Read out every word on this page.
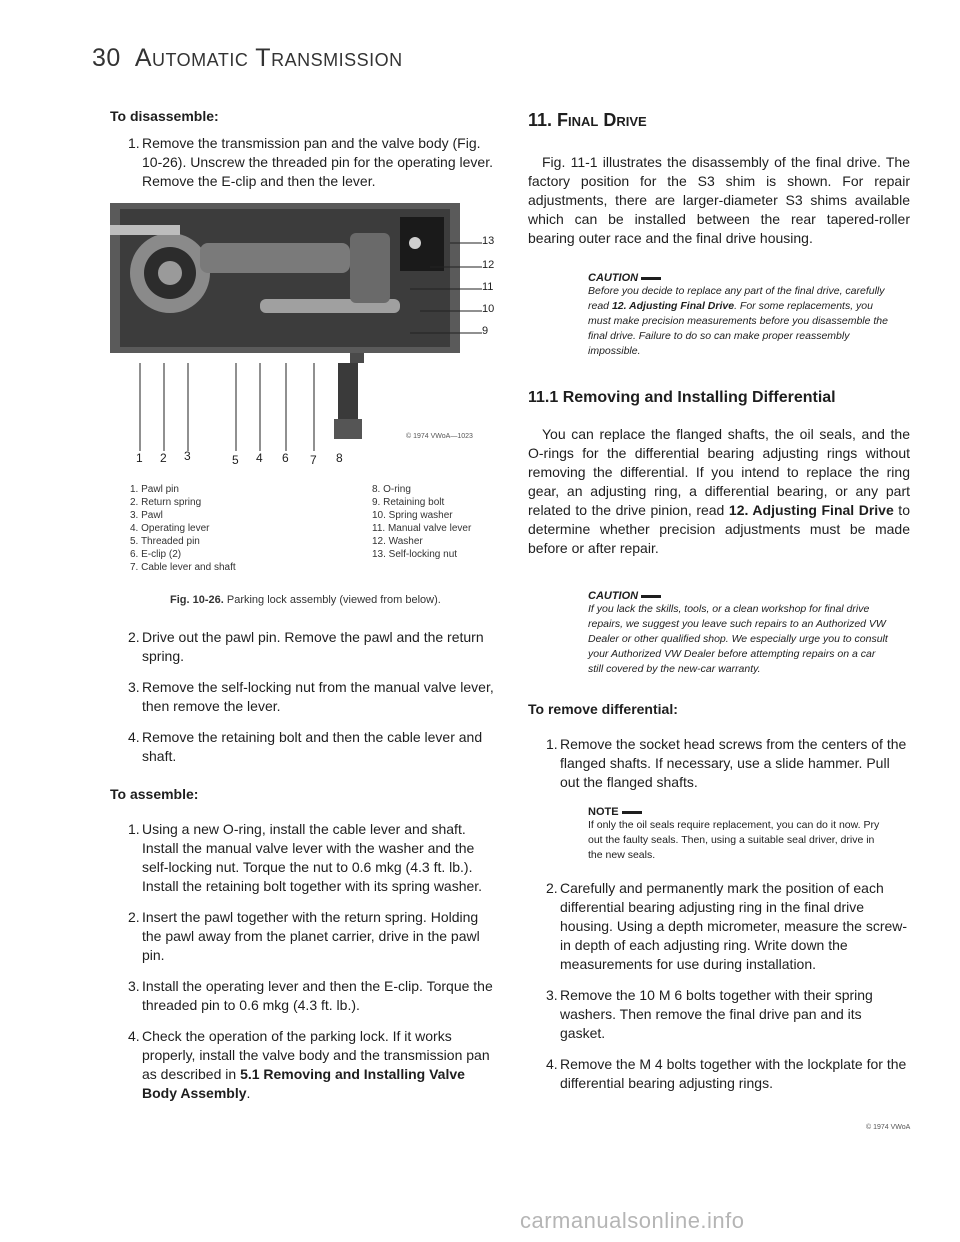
30 Automatic Transmission

To disassemble:

1. Remove the transmission pan and the valve body (Fig. 10-26). Unscrew the threaded pin for the operating lever. Remove the E-clip and then the lever.

13
12
11
10
9
© 1974 VWoA—1023
1 2 3	5 4 6 7 8
1. Pawl pin
2. Return spring
3. Pawl
4. Operating lever
5. Threaded pin
6. E-clip (2)
7. Cable lever and shaft
8. O-ring
9. Retaining bolt
10. Spring washer
11. Manual valve lever
12. Washer
13. Self-locking nut

Fig. 10-26. Parking lock assembly (viewed from below).

2. Drive out the pawl pin. Remove the pawl and the return spring.

3. Remove the self-locking nut from the manual valve lever, then remove the lever.

4. Remove the retaining bolt and then the cable lever and shaft.

To assemble:

1. Using a new O-ring, install the cable lever and shaft. Install the manual valve lever with the washer and the self-locking nut. Torque the nut to 0.6 mkg (4.3 ft. lb.). Install the retaining bolt together with its spring washer.

2. Insert the pawl together with the return spring. Holding the pawl away from the planet carrier, drive in the pawl pin.

3. Install the operating lever and then the E-clip. Torque the threaded pin to 0.6 mkg (4.3 ft. lb.).

4. Check the operation of the parking lock. If it works properly, install the valve body and the transmission pan as described in 5.1 Removing and Installing Valve Body Assembly.

11. Final Drive

Fig. 11-1 illustrates the disassembly of the final drive. The factory position for the S3 shim is shown. For repair adjustments, there are larger-diameter S3 shims available which can be installed between the rear tapered-roller bearing outer race and the final drive housing.

CAUTION

Before you decide to replace any part of the final drive, carefully read 12. Adjusting Final Drive. For some replacements, you must make precision measurements before you disassemble the final drive. Failure to do so can make proper reassembly impossible.

11.1 Removing and Installing Differential

You can replace the flanged shafts, the oil seals, and the O-rings for the differential bearing adjusting rings without removing the differential. If you intend to replace the ring gear, an adjusting ring, a differential bearing, or any part related to the drive pinion, read 12. Adjusting Final Drive to determine whether precision adjustments must be made before or after repair.

CAUTION

If you lack the skills, tools, or a clean workshop for final drive repairs, we suggest you leave such repairs to an Authorized VW Dealer or other qualified shop. We especially urge you to consult your Authorized VW Dealer before attempting repairs on a car still covered by the new-car warranty.

To remove differential:

1. Remove the socket head screws from the centers of the flanged shafts. If necessary, use a slide hammer. Pull out the flanged shafts.

NOTE

If only the oil seals require replacement, you can do it now. Pry out the faulty seals. Then, using a suitable seal driver, drive in the new seals.

2. Carefully and permanently mark the position of each differential bearing adjusting ring in the final drive housing. Using a depth micrometer, measure the screw-in depth of each adjusting ring. Write down the measurements for use during installation.

3. Remove the 10 M 6 bolts together with their spring washers. Then remove the final drive pan and its gasket.

4. Remove the M 4 bolts together with the lockplate for the differential bearing adjusting rings.

© 1974 VWoA
carmanualsonline.info
